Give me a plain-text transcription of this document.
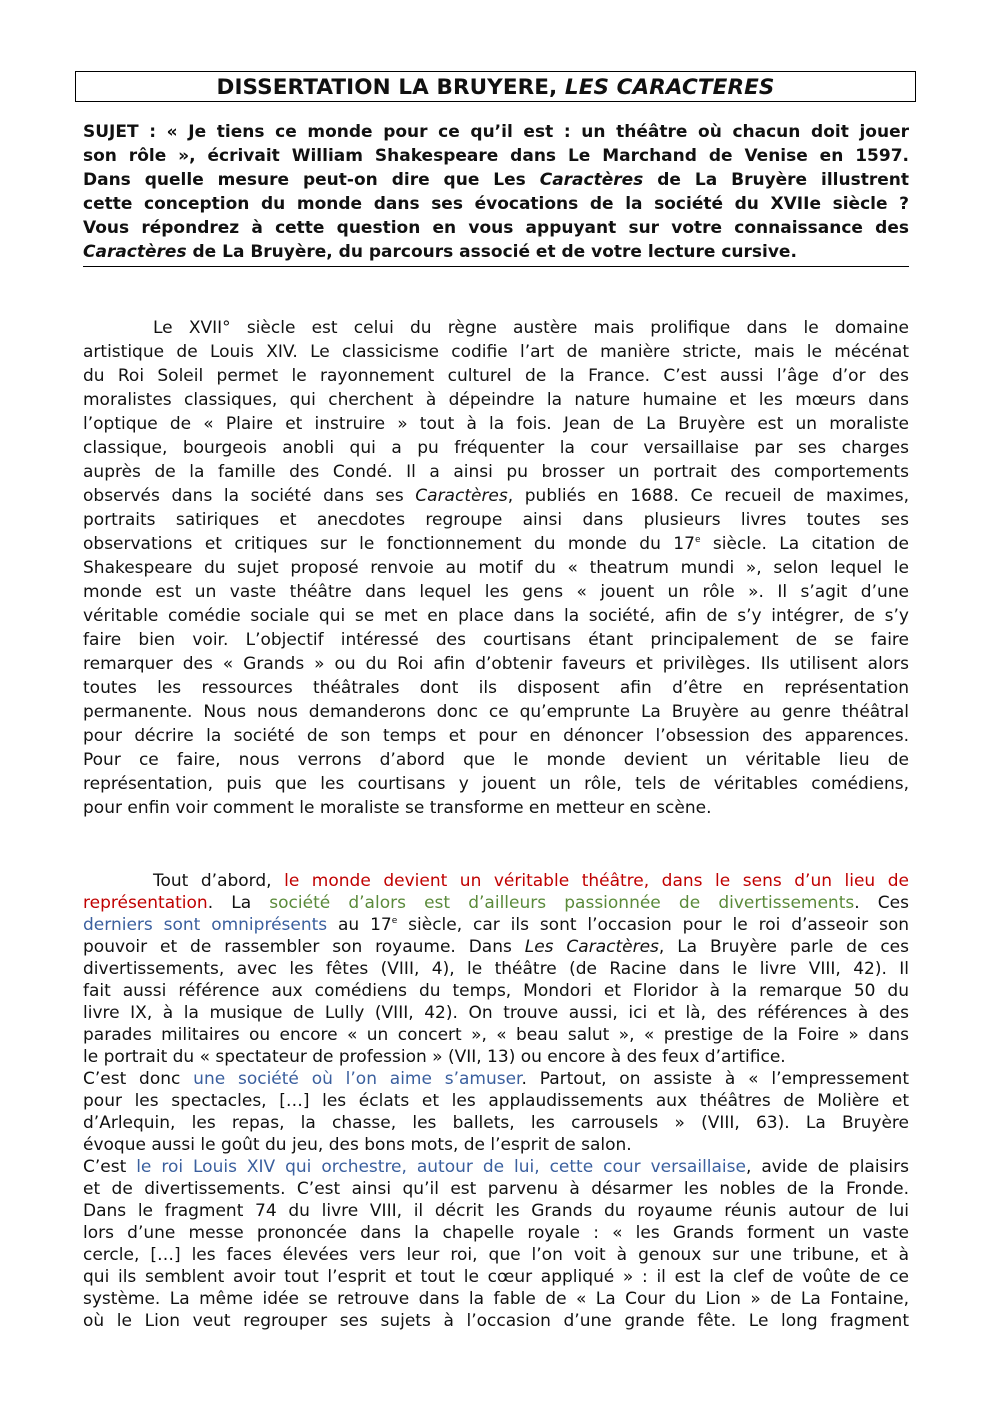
DISSERTATION LA BRUYERE, LES CARACTERES
SUJET : « Je tiens ce monde pour ce qu’il est : un théâtre où chacun doit jouer
son rôle », écrivait William Shakespeare dans Le Marchand de Venise en 1597.
Dans quelle mesure peut-on dire que Les Caractères de La Bruyère illustrent
cette conception du monde dans ses évocations de la société du XVIIe siècle ?
Vous répondrez à cette question en vous appuyant sur votre connaissance des
Caractères de La Bruyère, du parcours associé et de votre lecture cursive.
Le XVII° siècle est celui du règne austère mais prolifique dans le domaine
artistique de Louis XIV. Le classicisme codifie l’art de manière stricte, mais le mécénat
du Roi Soleil permet le rayonnement culturel de la France. C’est aussi l’âge d’or des
moralistes classiques, qui cherchent à dépeindre la nature humaine et les mœurs dans
l’optique de « Plaire et instruire » tout à la fois. Jean de La Bruyère est un moraliste
classique, bourgeois anobli qui a pu fréquenter la cour versaillaise par ses charges
auprès de la famille des Condé. Il a ainsi pu brosser un portrait des comportements
observés dans la société dans ses Caractères, publiés en 1688. Ce recueil de maximes,
portraits satiriques et anecdotes regroupe ainsi dans plusieurs livres toutes ses
observations et critiques sur le fonctionnement du monde du 17e siècle. La citation de
Shakespeare du sujet proposé renvoie au motif du « theatrum mundi », selon lequel le
monde est un vaste théâtre dans lequel les gens « jouent un rôle ». Il s’agit d’une
véritable comédie sociale qui se met en place dans la société, afin de s’y intégrer, de s’y
faire bien voir. L’objectif intéressé des courtisans étant principalement de se faire
remarquer des « Grands » ou du Roi afin d’obtenir faveurs et privilèges. Ils utilisent alors
toutes les ressources théâtrales dont ils disposent afin d’être en représentation
permanente. Nous nous demanderons donc ce qu’emprunte La Bruyère au genre théâtral
pour décrire la société de son temps et pour en dénoncer l’obsession des apparences.
Pour ce faire, nous verrons d’abord que le monde devient un véritable lieu de
représentation, puis que les courtisans y jouent un rôle, tels de véritables comédiens,
pour enfin voir comment le moraliste se transforme en metteur en scène.
Tout d’abord, le monde devient un véritable théâtre, dans le sens d’un lieu de
représentation. La société d’alors est d’ailleurs passionnée de divertissements. Ces
derniers sont omniprésents au 17e siècle, car ils sont l’occasion pour le roi d’asseoir son
pouvoir et de rassembler son royaume. Dans Les Caractères, La Bruyère parle de ces
divertissements, avec les fêtes (VIII, 4), le théâtre (de Racine dans le livre VIII, 42). Il
fait aussi référence aux comédiens du temps, Mondori et Floridor à la remarque 50 du
livre IX, à la musique de Lully (VIII, 42). On trouve aussi, ici et là, des références à des
parades militaires ou encore « un concert », « beau salut », « prestige de la Foire » dans
le portrait du « spectateur de profession » (VII, 13) ou encore à des feux d’artifice.
C’est donc une société où l’on aime s’amuser. Partout, on assiste à « l’empressement
pour les spectacles, […] les éclats et les applaudissements aux théâtres de Molière et
d’Arlequin, les repas, la chasse, les ballets, les carrousels » (VIII, 63). La Bruyère
évoque aussi le goût du jeu, des bons mots, de l’esprit de salon.
C’est le roi Louis XIV qui orchestre, autour de lui, cette cour versaillaise, avide de plaisirs
et de divertissements. C’est ainsi qu’il est parvenu à désarmer les nobles de la Fronde.
Dans le fragment 74 du livre VIII, il décrit les Grands du royaume réunis autour de lui
lors d’une messe prononcée dans la chapelle royale : « les Grands forment un vaste
cercle, […] les faces élevées vers leur roi, que l’on voit à genoux sur une tribune, et à
qui ils semblent avoir tout l’esprit et tout le cœur appliqué » : il est la clef de voûte de ce
système. La même idée se retrouve dans la fable de « La Cour du Lion » de La Fontaine,
où le Lion veut regrouper ses sujets à l’occasion d’une grande fête. Le long fragment
